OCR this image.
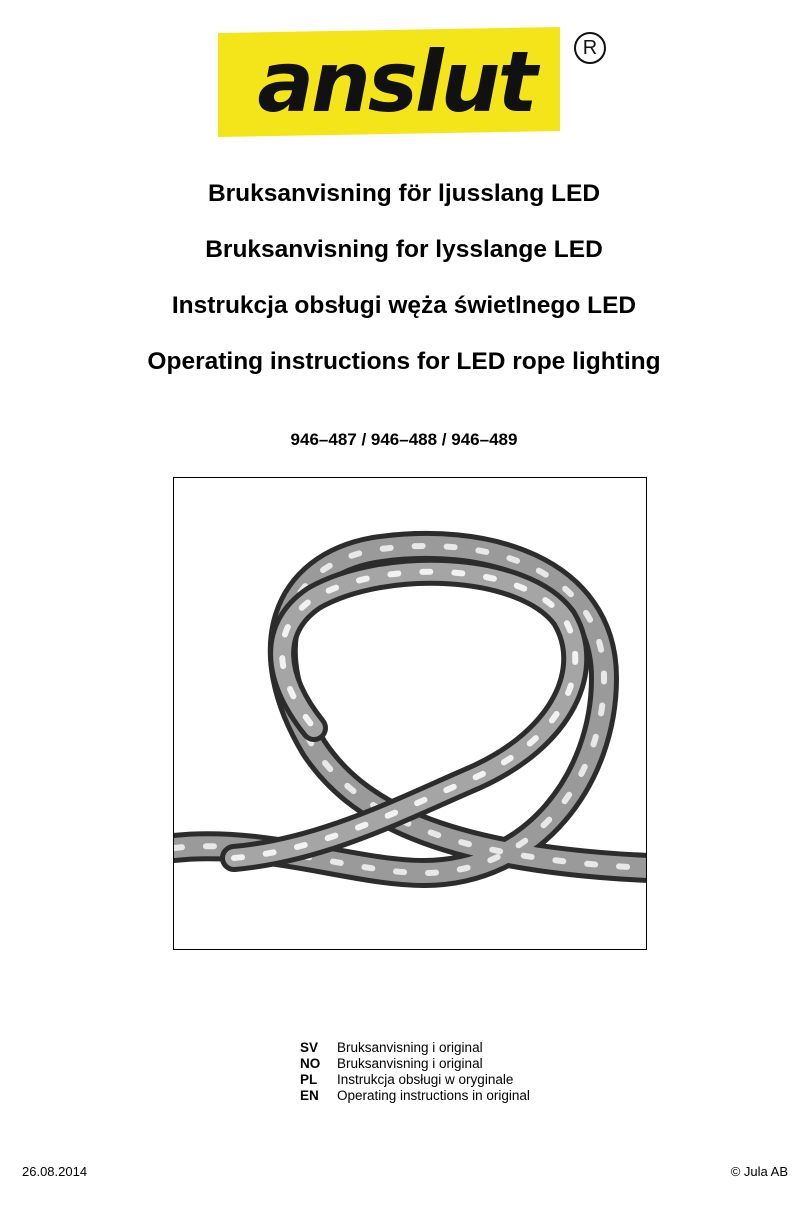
anslut	R

Bruksanvisning för ljusslang LED

Bruksanvisning for lysslange LED

Instrukcja obsługi węża świetlnego LED

Operating instructions for LED rope lighting

946–487 / 946–488 / 946–489
SV	Bruksanvisning i original
NO	Bruksanvisning i original
PL	Instrukcja obsługi w oryginale
EN	Operating instructions in original
26.08.2014	© Jula AB
